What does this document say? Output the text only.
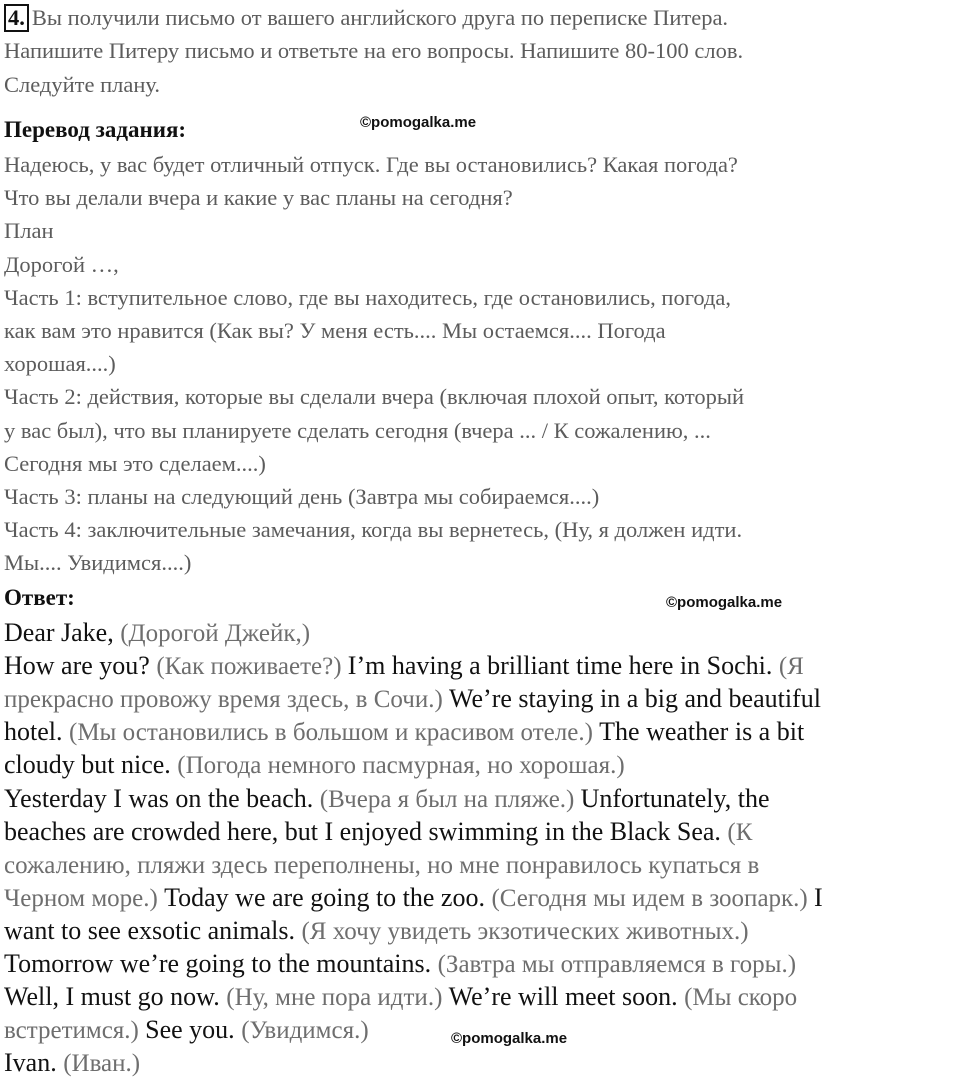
4. Вы получили письмо от вашего английского друга по переписке Питера.
Напишите Питеру письмо и ответьте на его вопросы. Напишите 80-100 слов.
Следуйте плану.
Перевод задания:	©pomogalka.me
Надеюсь, у вас будет отличный отпуск. Где вы остановились? Какая погода?
Что вы делали вчера и какие у вас планы на сегодня?
План
Дорогой …,
Часть 1: вступительное слово, где вы находитесь, где остановились, погода,
как вам это нравится (Как вы? У меня есть.... Мы остаемся.... Погода
хорошая....)
Часть 2: действия, которые вы сделали вчера (включая плохой опыт, который
у вас был), что вы планируете сделать сегодня (вчера ... / К сожалению, ...
Сегодня мы это сделаем....)
Часть 3: планы на следующий день (Завтра мы собираемся....)
Часть 4: заключительные замечания, когда вы вернетесь, (Ну, я должен идти.
Мы.... Увидимся....)
Ответ:	©pomogalka.me
Dear Jake, (Дорогой Джейк,)
How are you? (Как поживаете?) I’m having a brilliant time here in Sochi. (Я
прекрасно провожу время здесь, в Сочи.) We’re staying in a big and beautiful
hotel. (Мы остановились в большом и красивом отеле.) The weather is a bit
cloudy but nice. (Погода немного пасмурная, но хорошая.)
Yesterday I was on the beach. (Вчера я был на пляже.) Unfortunately, the
beaches are crowded here, but I enjoyed swimming in the Black Sea. (К
сожалению, пляжи здесь переполнены, но мне понравилось купаться в
Черном море.) Today we are going to the zoo. (Сегодня мы идем в зоопарк.) I
want to see exsotic animals. (Я хочу увидеть экзотических животных.)
Tomorrow we’re going to the mountains. (Завтра мы отправляемся в горы.)
Well, I must go now. (Ну, мне пора идти.) We’re will meet soon. (Мы скоро
встретимся.) See you. (Увидимся.)
Ivan. (Иван.)
©pomogalka.me
